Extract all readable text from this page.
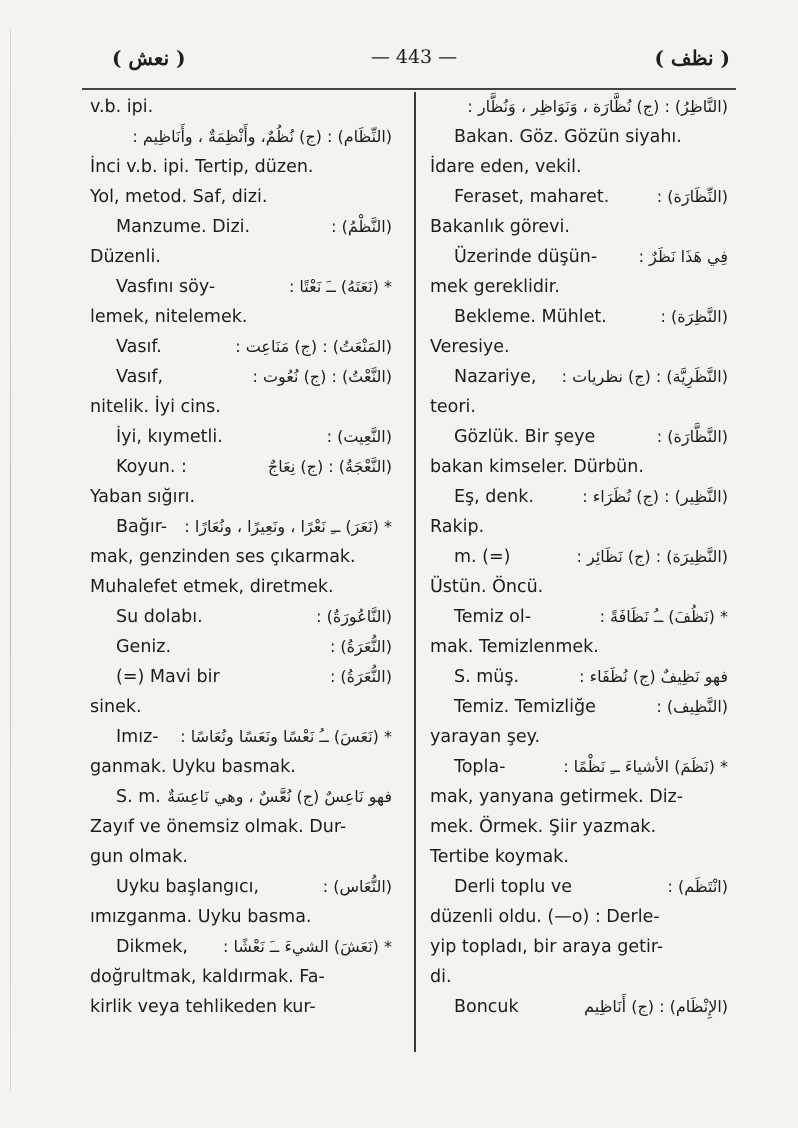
( نعش )	— 443 —	( نظف )
v.b. ipi.
(النِّظَام) : (ج) نُظُمٌ، وأَنْظِمَةٌ ، وأَنَاظِيم :
İnci v.b. ipi. Tertip, düzen.
Yol, metod. Saf, dizi.
Manzume. Dizi.	(النَّظْمُ) :
Düzenli.
Vasfını söy-	* (نَعَتَهُ) ــَ نَعْتًا :
lemek, nitelemek.
Vasıf.	(المَنْعَتُ) : (ج) مَنَاعِت :
Vasıf,	(النَّعْتُ) : (ج) نُعُوت :
nitelik. İyi cins.
İyi, kıymetli.	(النَّعِيت) :
Koyun. :	(النَّعْجَةُ) : (ج) نِعَاجٌ
Yaban sığırı.
Bağır- * (نَعَرَ) ــِ نَعْرًا ، ونَعِيرًا ، ونُعَارًا :
mak, genzinden ses çıkarmak.
Muhalefet etmek, diretmek.
Su dolabı.	(النَّاعُورَةُ) :
Geniz.	(النُّعَرَةُ) :
(=) Mavi bir	(النُّعَرَةُ) :
sinek.
Imız- * (نَعَسَ) ــُ نَعْسًا ونَعَسًا ونُعَاسًا :
ganmak. Uyku basmak.
S. m. فهو نَاعِسٌ (ج) نُعَّسٌ ، وهي نَاعِسَةٌ
Zayıf ve önemsiz olmak. Dur-
gun olmak.
Uyku başlangıcı,	(النُّعَاس) :
ımızganma. Uyku basma.
Dikmek, * (نَعَشَ) الشيءَ ــَ نَعْشًا :
doğrultmak, kaldırmak. Fa-
kirlik veya tehlikeden kur-
(النَّاظِرُ) : (ج) نُظَّارَة ، وَنَوَاظِر ، وَنُظَّار :
Bakan. Göz. Gözün siyahı.
İdare eden, vekil.
Feraset, maharet.	(النِّظَارَة) :
Bakanlık görevi.
Üzerinde düşün-	فِي هَذَا نَظَرٌ :
mek gereklidir.
Bekleme. Mühlet.	(النَّظِرَة) :
Veresiye.
Nazariye, (النَّظَرِيَّة) : (ج) نظريات :
teori.
Gözlük. Bir şeye	(النَّظَّارَة) :
bakan kimseler. Dürbün.
Eş, denk.	(النَّظِير) : (ج) نُظَرَاء :
Rakip.
m. (=)	(النَّظِيرَة) : (ج) نَظَائِر :
Üstün. Öncü.
Temiz ol-	* (نَظُفَ) ــُ نَظَافَةً :
mak. Temizlenmek.
S. müş.	فهو نَظِيفٌ (ج) نُظَفَاء :
Temiz. Temizliğe	(النَّظِيف) :
yarayan şey.
Topla-	* (نَظَمَ) الأشياءَ ــِ نَظْمًا :
mak, yanyana getirmek. Diz-
mek. Örmek. Şiir yazmak.
Tertibe koymak.
Derli toplu ve	(انْتَظَم) :
düzenli oldu. (—o) : Derle-
yip topladı, bir araya getir-
di.
Boncuk	(الإِنْظَام) : (ج) أَنَاظِيم
